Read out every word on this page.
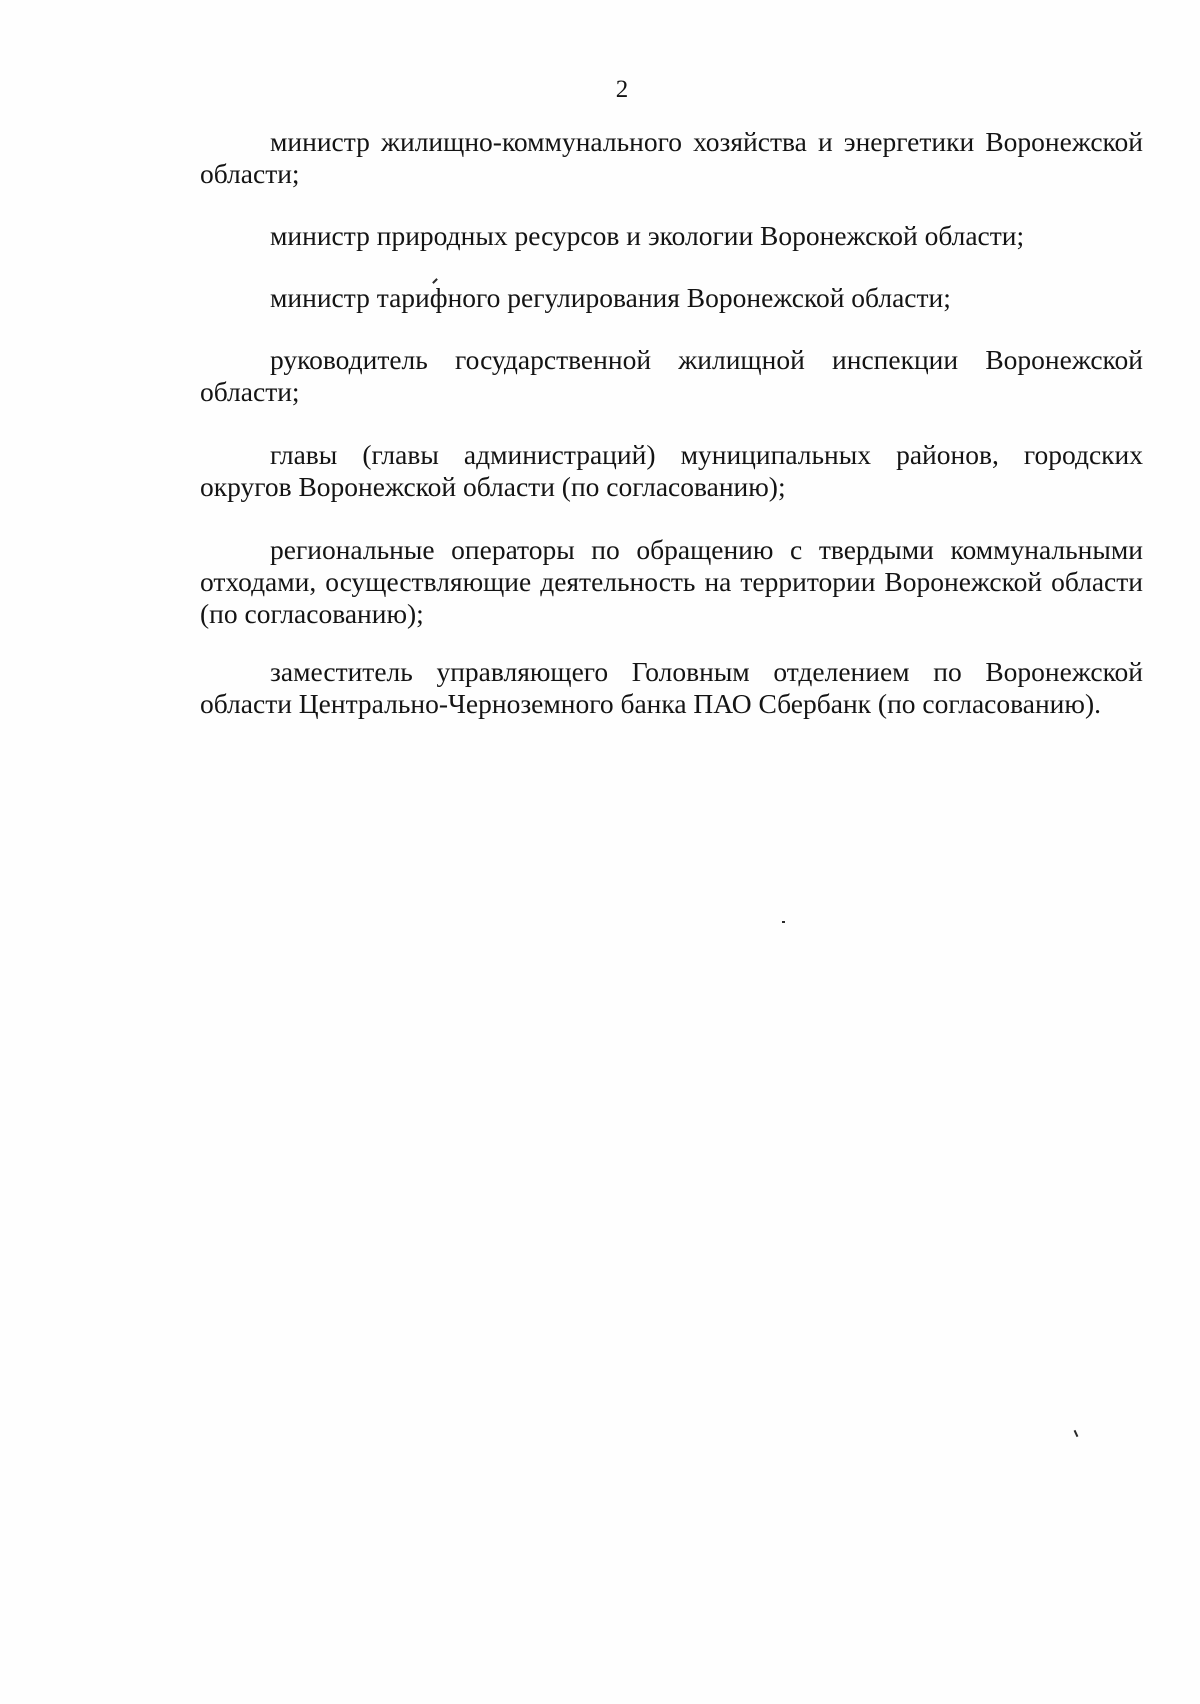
2

министр жилищно-коммунального хозяйства и энергетики Воронежской области;

министр природных ресурсов и экологии Воронежской области;

министр тарифного регулирования Воронежской области;

руководитель государственной жилищной инспекции Воронежской области;

главы (главы администраций) муниципальных районов, городских округов Воронежской области (по согласованию);

региональные операторы по обращению с твердыми коммунальными отходами, осуществляющие деятельность на территории Воронежской области (по согласованию);

заместитель управляющего Головным отделением по Воронежской области Центрально-Черноземного банка ПАО Сбербанк (по согласованию).
